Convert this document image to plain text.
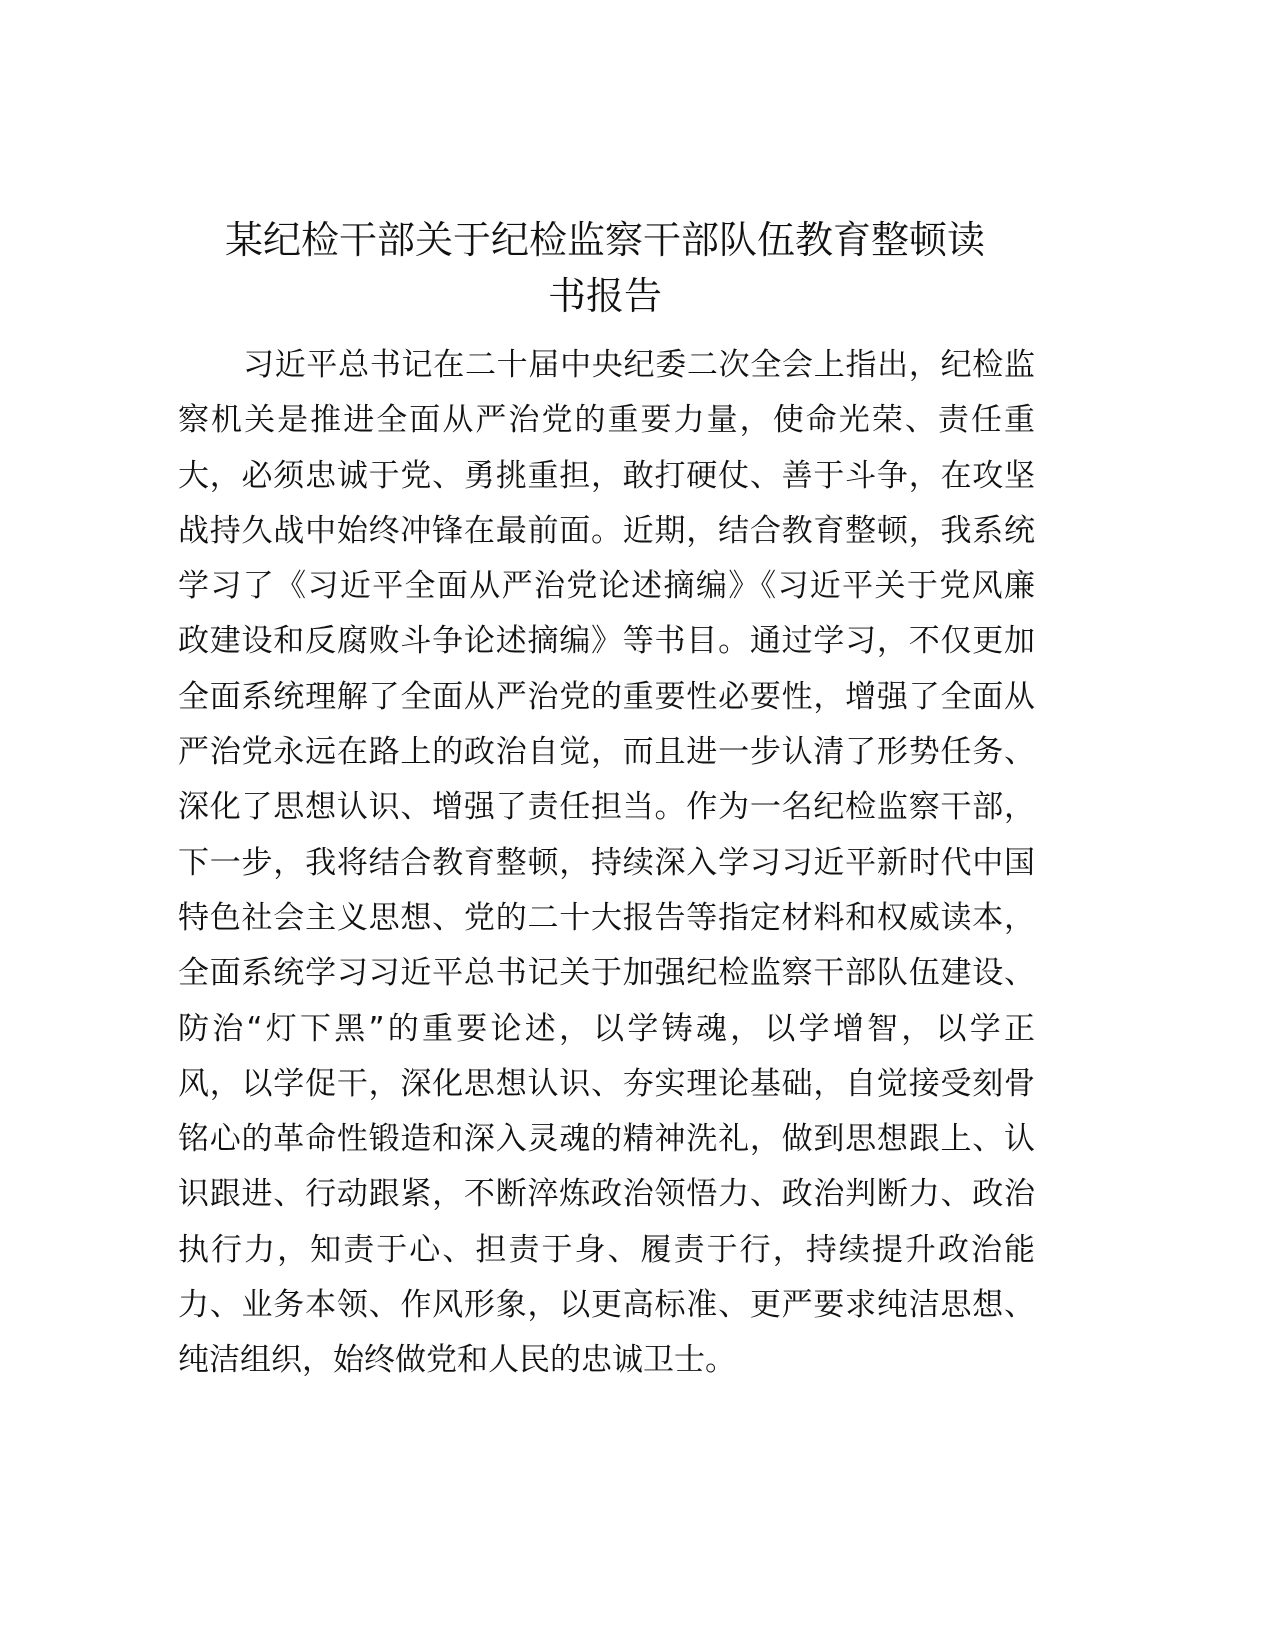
某纪检干部关于纪检监察干部队伍教育整顿读
书报告
习近平总书记在二十届中央纪委二次全会上指出，纪检监
察机关是推进全面从严治党的重要力量，使命光荣、责任重
大，必须忠诚于党、勇挑重担，敢打硬仗、善于斗争，在攻坚
战持久战中始终冲锋在最前面。近期，结合教育整顿，我系统
学习了《习近平全面从严治党论述摘编》《习近平关于党风廉
政建设和反腐败斗争论述摘编》等书目。通过学习，不仅更加
全面系统理解了全面从严治党的重要性必要性，增强了全面从
严治党永远在路上的政治自觉，而且进一步认清了形势任务、
深化了思想认识、增强了责任担当。作为一名纪检监察干部，
下一步，我将结合教育整顿，持续深入学习习近平新时代中国
特色社会主义思想、党的二十大报告等指定材料和权威读本，
全面系统学习习近平总书记关于加强纪检监察干部队伍建设、
防治“灯下黑”的重要论述，以学铸魂，以学增智，以学正
风，以学促干，深化思想认识、夯实理论基础，自觉接受刻骨
铭心的革命性锻造和深入灵魂的精神洗礼，做到思想跟上、认
识跟进、行动跟紧，不断淬炼政治领悟力、政治判断力、政治
执行力，知责于心、担责于身、履责于行，持续提升政治能
力、业务本领、作风形象，以更高标准、更严要求纯洁思想、
纯洁组织，始终做党和人民的忠诚卫士。
